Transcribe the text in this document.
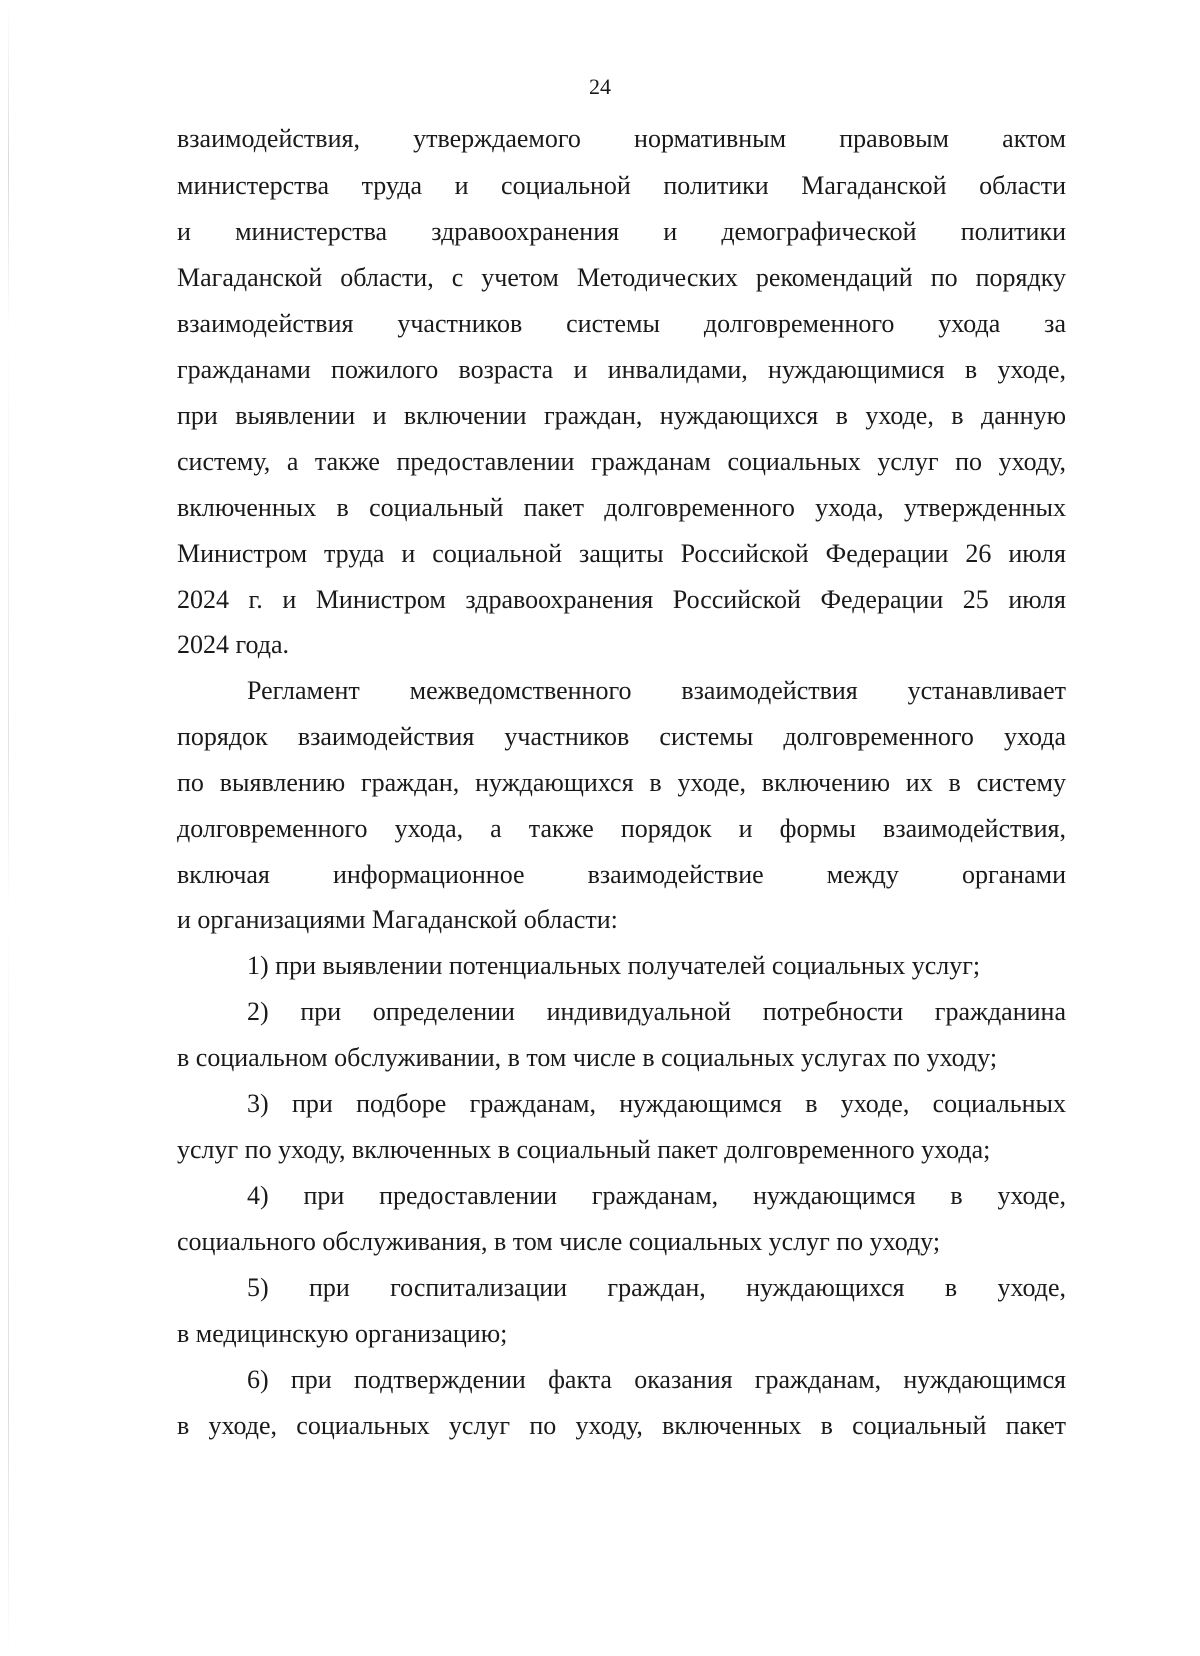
24
взаимодействия, утверждаемого нормативным правовым актом
министерства труда и социальной политики Магаданской области
и министерства здравоохранения и демографической политики
Магаданской области, с учетом Методических рекомендаций по порядку
взаимодействия участников системы долговременного ухода за
гражданами пожилого возраста и инвалидами, нуждающимися в уходе,
при выявлении и включении граждан, нуждающихся в уходе, в данную
систему, а также предоставлении гражданам социальных услуг по уходу,
включенных в социальный пакет долговременного ухода, утвержденных
Министром труда и социальной защиты Российской Федерации 26 июля
2024 г. и Министром здравоохранения Российской Федерации 25 июля
2024 года.
Регламент межведомственного взаимодействия устанавливает
порядок взаимодействия участников системы долговременного ухода
по выявлению граждан, нуждающихся в уходе, включению их в систему
долговременного ухода, а также порядок и формы взаимодействия,
включая информационное взаимодействие между органами
и организациями Магаданской области:
1) при выявлении потенциальных получателей социальных услуг;
2) при определении индивидуальной потребности гражданина
в социальном обслуживании, в том числе в социальных услугах по уходу;
3) при подборе гражданам, нуждающимся в уходе, социальных
услуг по уходу, включенных в социальный пакет долговременного ухода;
4) при предоставлении гражданам, нуждающимся в уходе,
социального обслуживания, в том числе социальных услуг по уходу;
5) при госпитализации граждан, нуждающихся в уходе,
в медицинскую организацию;
6) при подтверждении факта оказания гражданам, нуждающимся
в уходе, социальных услуг по уходу, включенных в социальный пакет
